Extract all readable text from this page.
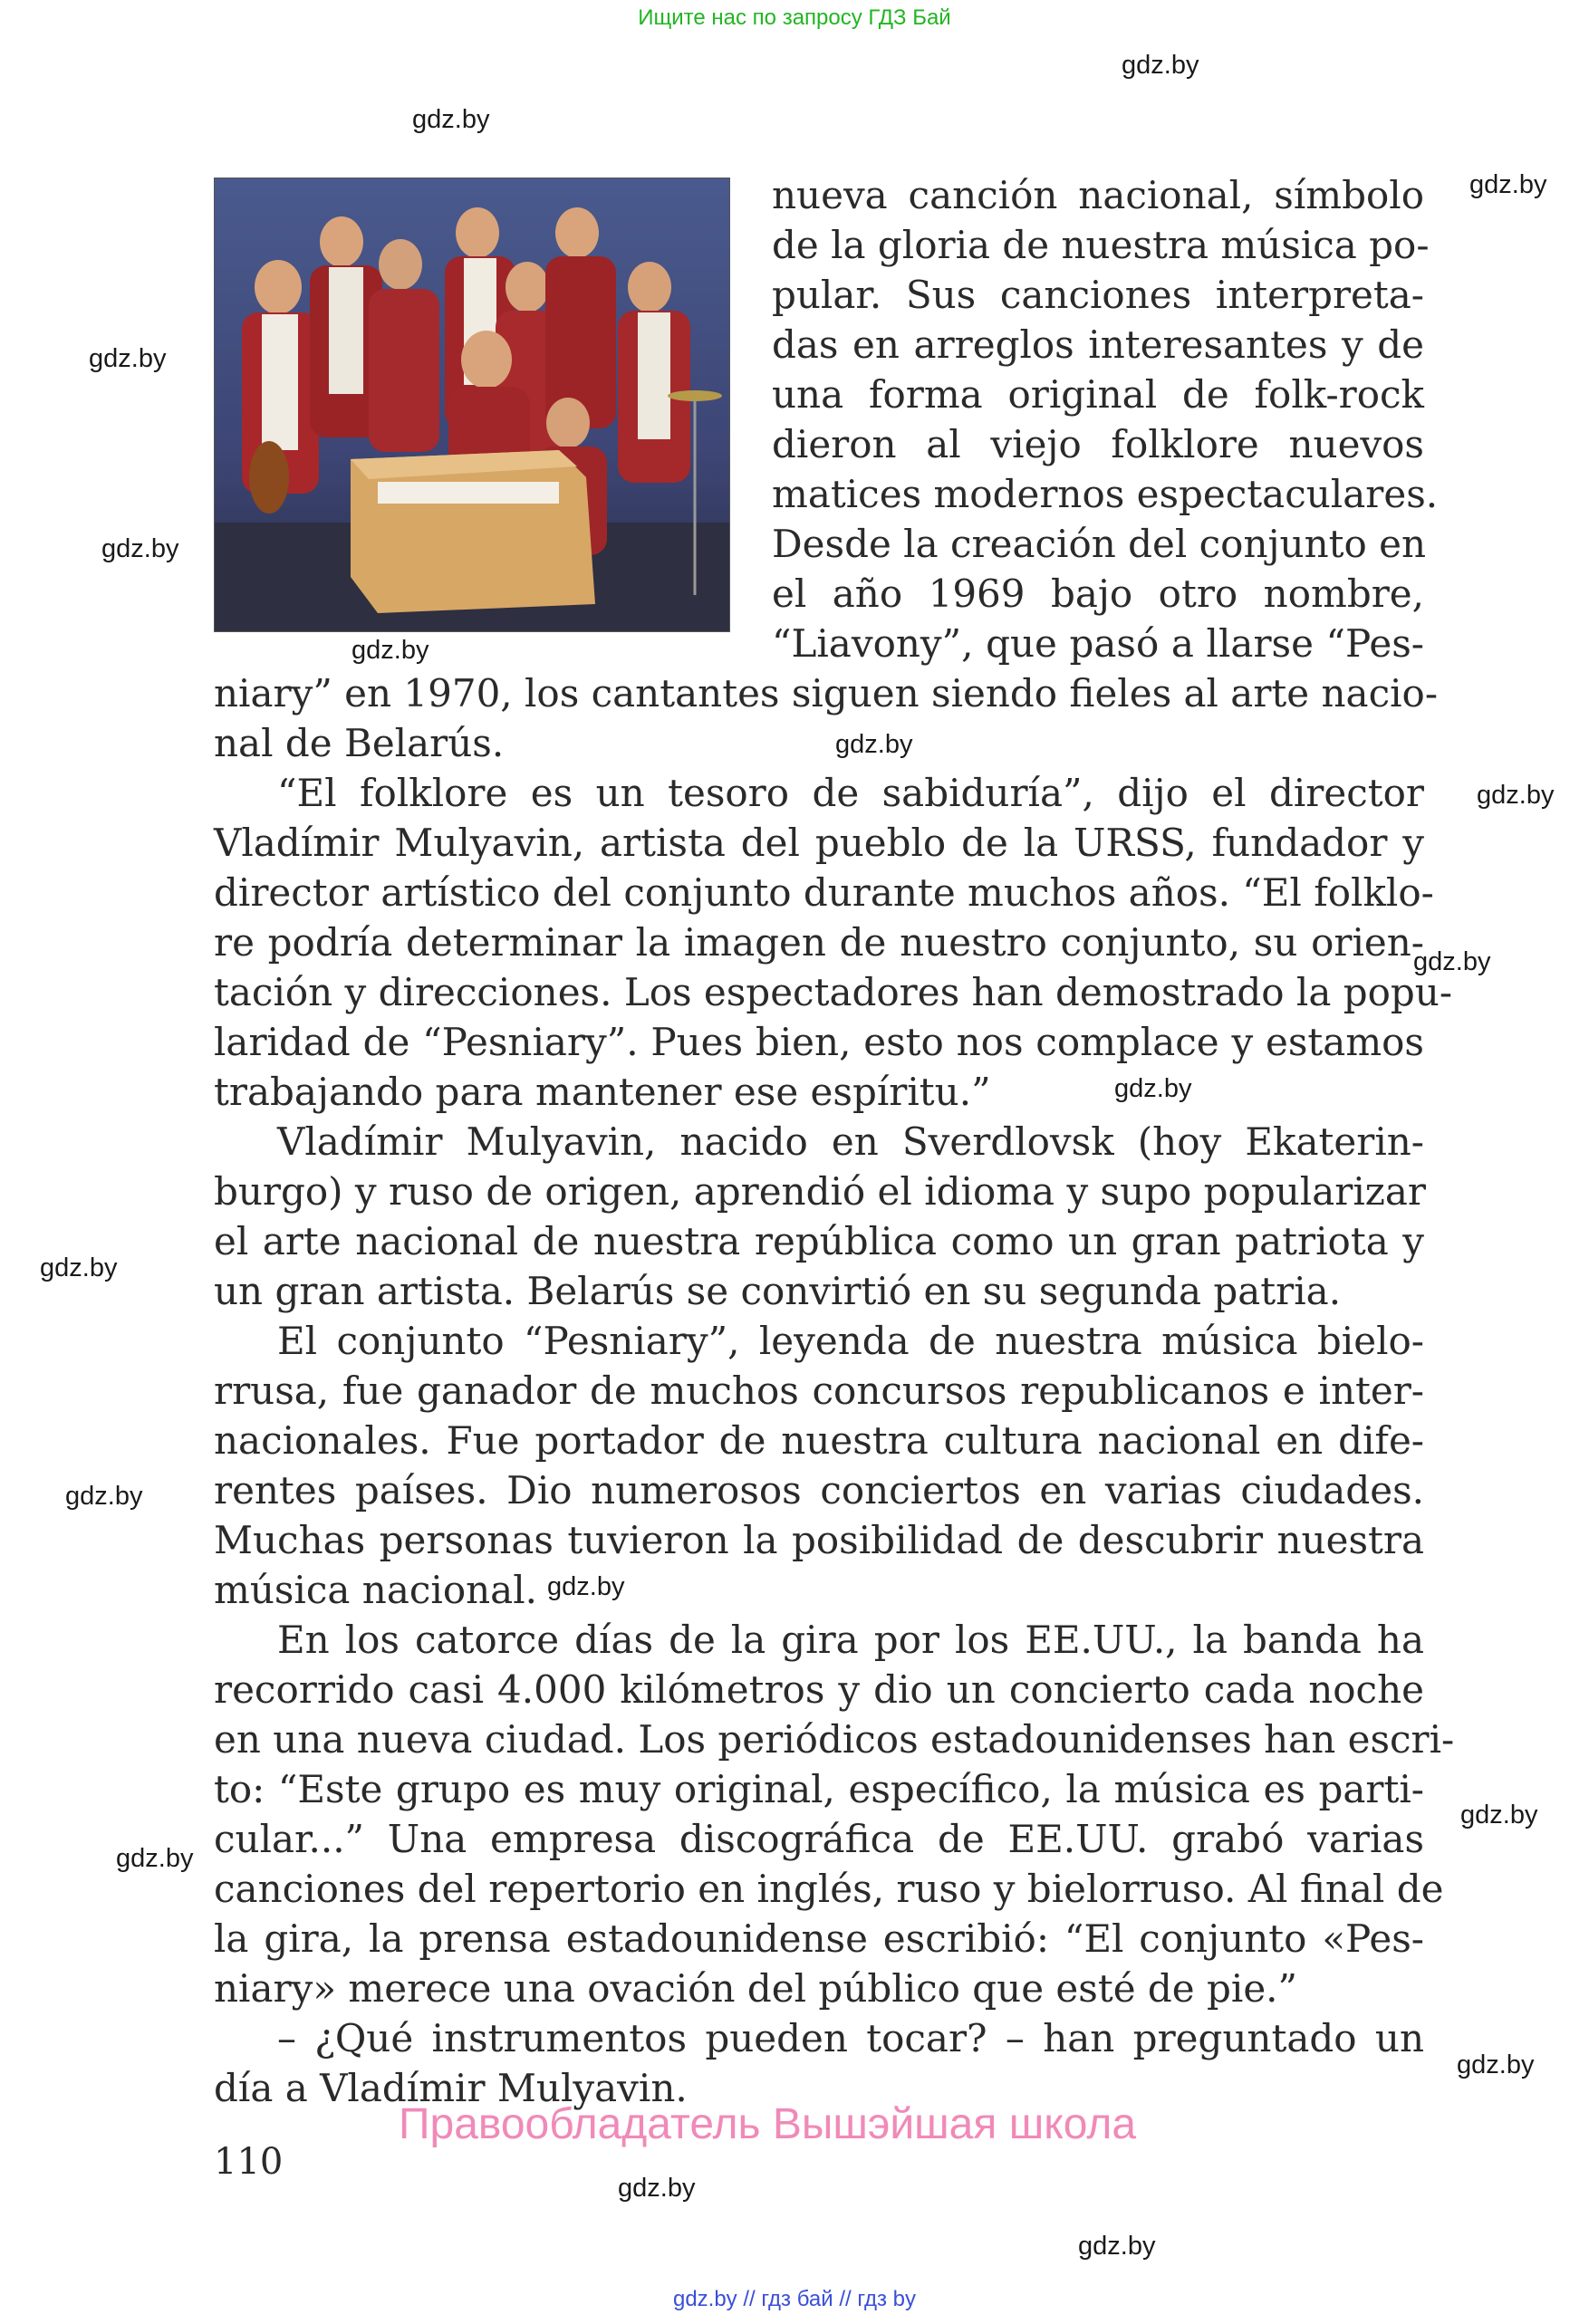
Ищите нас по запросу ГДЗ Бай
gdz.by
gdz.by
gdz.by
gdz.by
gdz.by
gdz.by
gdz.by
gdz.by
gdz.by
gdz.by
gdz.by
gdz.by
gdz.by
gdz.by
gdz.by
gdz.by
gdz.by
gdz.by
nueva canción nacional, símbolo
de la gloria de nuestra música po-
pular. Sus canciones interpreta-
das en arreglos interesantes y de
una forma original de folk-rock
dieron al viejo folklore nuevos
matices modernos espectaculares.
Desde la creación del conjunto en
el año 1969 bajo otro nombre,
“Liavony”, que pasó a llarse “Pes-
niary” en 1970, los cantantes siguen siendo fieles al arte nacio-
nal de Belarús.
“El folklore es un tesoro de sabiduría”, dijo el director
Vladímir Mulyavin, artista del pueblo de la URSS, fundador y
director artístico del conjunto durante muchos años. “El folklo-
re podría determinar la imagen de nuestro conjunto, su orien-
tación y direcciones. Los espectadores han demostrado la popu-
laridad de “Pesniary”. Pues bien, esto nos complace y estamos
trabajando para mantener ese espíritu.”
Vladímir Mulyavin, nacido en Sverdlovsk (hoy Ekaterin-
burgo) y ruso de origen, aprendió el idioma y supo popularizar
el arte nacional de nuestra república como un gran patriota y
un gran artista. Belarús se convirtió en su segunda patria.
El conjunto “Pesniary”, leyenda de nuestra música bielo-
rrusa, fue ganador de muchos concursos republicanos e inter-
nacionales. Fue portador de nuestra cultura nacional en dife-
rentes países. Dio numerosos conciertos en varias ciudades.
Muchas personas tuvieron la posibilidad de descubrir nuestra
música nacional.
En los catorce días de la gira por los EE.UU., la banda ha
recorrido casi 4.000 kilómetros y dio un concierto cada noche
en una nueva ciudad. Los periódicos estadounidenses han escri-
to: “Este grupo es muy original, específico, la música es parti-
cular...” Una empresa discográfica de EE.UU. grabó varias
canciones del repertorio en inglés, ruso y bielorruso. Al final de
la gira, la prensa estadounidense escribió: “El conjunto «Pes-
niary» merece una ovación del público que esté de pie.”
– ¿Qué instrumentos pueden tocar? – han preguntado un
día a Vladímir Mulyavin.
Правообладатель Вышэйшая школа
110
gdz.by // гдз бай // гдз by
